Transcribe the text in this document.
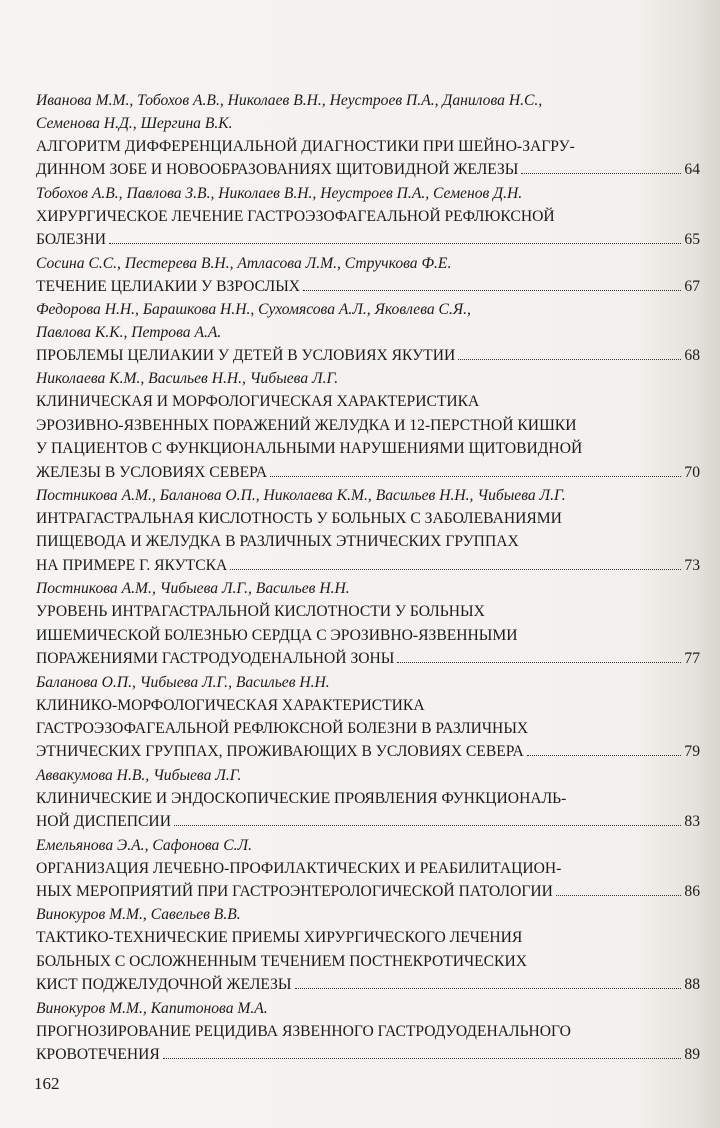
Иванова М.М., Тобохов А.В., Николаев В.Н., Неустроев П.А., Данилова Н.С.,
Семенова Н.Д., Шергина В.К.
АЛГОРИТМ ДИФФЕРЕНЦИАЛЬНОЙ ДИАГНОСТИКИ ПРИ ШЕЙНО-ЗАГРУ-
ДИННОМ ЗОБЕ И НОВООБРАЗОВАНИЯХ ЩИТОВИДНОЙ ЖЕЛЕЗЫ	64
Тобохов А.В., Павлова З.В., Николаев В.Н., Неустроев П.А., Семенов Д.Н.
ХИРУРГИЧЕСКОЕ ЛЕЧЕНИЕ ГАСТРОЭЗОФАГЕАЛЬНОЙ РЕФЛЮКСНОЙ
БОЛЕЗНИ	65
Сосина С.С., Пестерева В.Н., Атласова Л.М., Стручкова Ф.Е.
ТЕЧЕНИЕ ЦЕЛИАКИИ У ВЗРОСЛЫХ	67
Федорова Н.Н., Барашкова Н.Н., Сухомясова А.Л., Яковлева С.Я.,
Павлова К.К., Петрова А.А.
ПРОБЛЕМЫ ЦЕЛИАКИИ У ДЕТЕЙ В УСЛОВИЯХ ЯКУТИИ	68
Николаева К.М., Васильев Н.Н., Чибыева Л.Г.
КЛИНИЧЕСКАЯ И МОРФОЛОГИЧЕСКАЯ ХАРАКТЕРИСТИКА
ЭРОЗИВНО-ЯЗВЕННЫХ ПОРАЖЕНИЙ ЖЕЛУДКА И 12-ПЕРСТНОЙ КИШКИ
У ПАЦИЕНТОВ С ФУНКЦИОНАЛЬНЫМИ НАРУШЕНИЯМИ ЩИТОВИДНОЙ
ЖЕЛЕЗЫ В УСЛОВИЯХ СЕВЕРА	70
Постникова А.М., Баланова О.П., Николаева К.М., Васильев Н.Н., Чибыева Л.Г.
ИНТРАГАСТРАЛЬНАЯ КИСЛОТНОСТЬ У БОЛЬНЫХ С ЗАБОЛЕВАНИЯМИ
ПИЩЕВОДА И ЖЕЛУДКА В РАЗЛИЧНЫХ ЭТНИЧЕСКИХ ГРУППАХ
НА ПРИМЕРЕ Г. ЯКУТСКА	73
Постникова А.М., Чибыева Л.Г., Васильев Н.Н.
УРОВЕНЬ ИНТРАГАСТРАЛЬНОЙ КИСЛОТНОСТИ У БОЛЬНЫХ
ИШЕМИЧЕСКОЙ БОЛЕЗНЬЮ СЕРДЦА С ЭРОЗИВНО-ЯЗВЕННЫМИ
ПОРАЖЕНИЯМИ ГАСТРОДУОДЕНАЛЬНОЙ ЗОНЫ	77
Баланова О.П., Чибыева Л.Г., Васильев Н.Н.
КЛИНИКО-МОРФОЛОГИЧЕСКАЯ ХАРАКТЕРИСТИКА
ГАСТРОЭЗОФАГЕАЛЬНОЙ РЕФЛЮКСНОЙ БОЛЕЗНИ В РАЗЛИЧНЫХ
ЭТНИЧЕСКИХ ГРУППАХ, ПРОЖИВАЮЩИХ В УСЛОВИЯХ СЕВЕРА	79
Аввакумова Н.В., Чибыева Л.Г.
КЛИНИЧЕСКИЕ И ЭНДОСКОПИЧЕСКИЕ ПРОЯВЛЕНИЯ ФУНКЦИОНАЛЬ-
НОЙ ДИСПЕПСИИ	83
Емельянова Э.А., Сафонова С.Л.
ОРГАНИЗАЦИЯ ЛЕЧЕБНО-ПРОФИЛАКТИЧЕСКИХ И РЕАБИЛИТАЦИОН-
НЫХ МЕРОПРИЯТИЙ ПРИ ГАСТРОЭНТЕРОЛОГИЧЕСКОЙ ПАТОЛОГИИ	86
Винокуров М.М., Савельев В.В.
ТАКТИКО-ТЕХНИЧЕСКИЕ ПРИЕМЫ ХИРУРГИЧЕСКОГО ЛЕЧЕНИЯ
БОЛЬНЫХ С ОСЛОЖНЕННЫМ ТЕЧЕНИЕМ ПОСТНЕКРОТИЧЕСКИХ
КИСТ ПОДЖЕЛУДОЧНОЙ ЖЕЛЕЗЫ	88
Винокуров М.М., Капитонова М.А.
ПРОГНОЗИРОВАНИЕ РЕЦИДИВА ЯЗВЕННОГО ГАСТРОДУОДЕНАЛЬНОГО
КРОВОТЕЧЕНИЯ	89
162
